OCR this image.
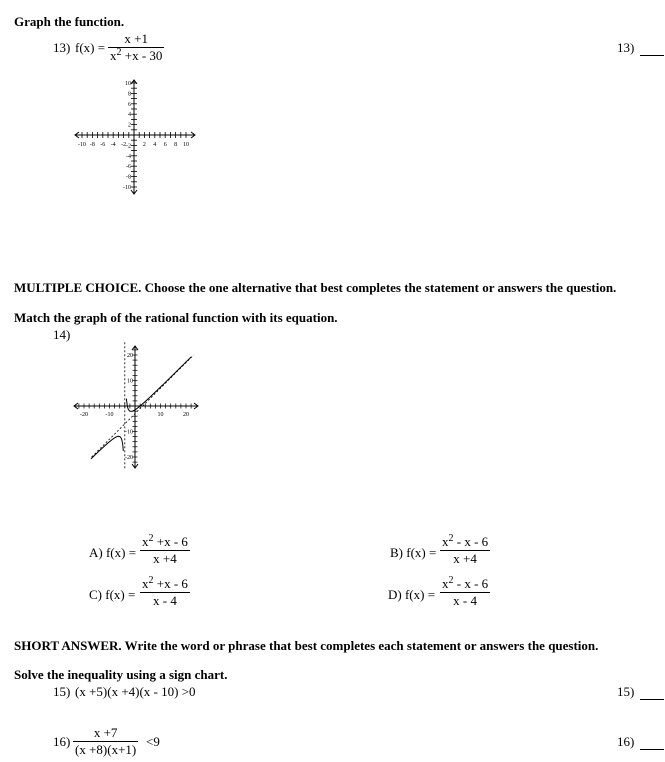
Graph the function.
13) $f(x) = \frac{x +1}{x^2 +x - 30}$	13)
-10 -8 -6 -4 -2	2 4 6 8 10
10
8
6
4
2
-2
-4
-6
-8
-10
MULTIPLE CHOICE. Choose the one alternative that best completes the statement or answers the question.
Match the graph of the rational function with its equation.
14)
-20	-10	10	20
20
10
-10
-20
A) $f(x) = \frac{x^2 +x - 6}{x +4}$	B) $f(x) = \frac{x^2 - x - 6}{x +4}$
C) $f(x) = \frac{x^2 +x - 6}{x - 4}$	D) $f(x) = \frac{x^2 - x - 6}{x - 4}$
SHORT ANSWER. Write the word or phrase that best completes each statement or answers the question.
Solve the inequality using a sign chart.
15) (x +5)(x +4)(x - 10) >0	15)
$16) \frac{x +7}{(x +8)(x+1)} <9$	16)
